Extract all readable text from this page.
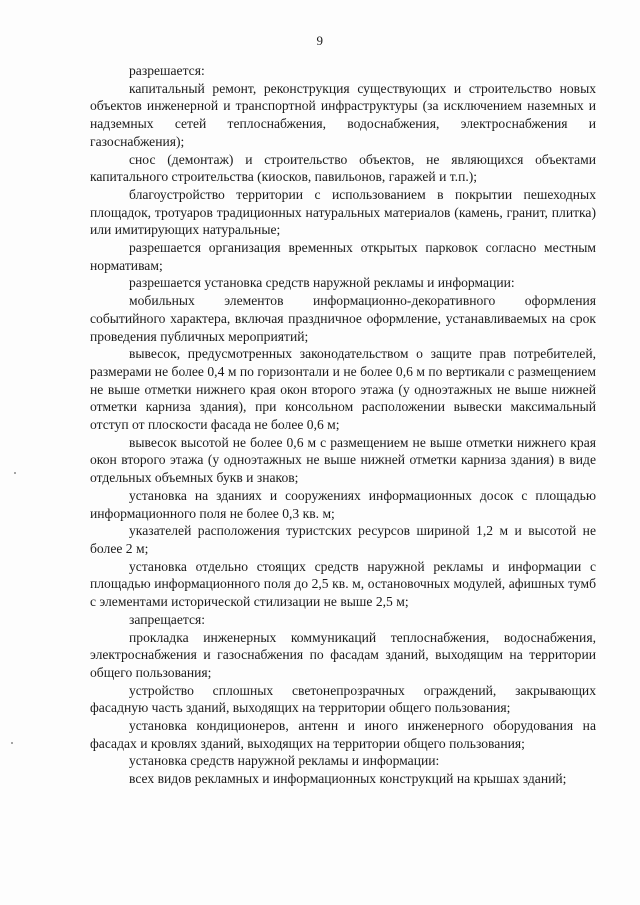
9

разрешается:

капитальный ремонт, реконструкция существующих и строительство новых объектов инженерной и транспортной инфраструктуры (за исключением наземных и надземных сетей теплоснабжения, водоснабжения, электроснабжения и газоснабжения);

снос (демонтаж) и строительство объектов, не являющихся объектами капитального строительства (киосков, павильонов, гаражей и т.п.);

благоустройство территории с использованием в покрытии пешеходных площадок, тротуаров традиционных натуральных материалов (камень, гранит, плитка) или имитирующих натуральные;

разрешается организация временных открытых парковок согласно местным нормативам;

разрешается установка средств наружной рекламы и информации:

мобильных элементов информационно-декоративного оформления событийного характера, включая праздничное оформление, устанавливаемых на срок проведения публичных мероприятий;

вывесок, предусмотренных законодательством о защите прав потребителей, размерами не более 0,4 м по горизонтали и не более 0,6 м по вертикали с размещением не выше отметки нижнего края окон второго этажа (у одноэтажных не выше нижней отметки карниза здания), при консольном расположении вывески максимальный отступ от плоскости фасада не более 0,6 м;

вывесок высотой не более 0,6 м с размещением не выше отметки нижнего края окон второго этажа (у одноэтажных не выше нижней отметки карниза здания) в виде отдельных объемных букв и знаков;

установка на зданиях и сооружениях информационных досок с площадью информационного поля не более 0,3 кв. м;

указателей расположения туристских ресурсов шириной 1,2 м и высотой не более 2 м;

установка отдельно стоящих средств наружной рекламы и информации с площадью информационного поля до 2,5 кв. м, остановочных модулей, афишных тумб с элементами исторической стилизации не выше 2,5 м;

запрещается:

прокладка инженерных коммуникаций теплоснабжения, водоснабжения, электроснабжения и газоснабжения по фасадам зданий, выходящим на территории общего пользования;

устройство сплошных светонепрозрачных ограждений, закрывающих фасадную часть зданий, выходящих на территории общего пользования;

установка кондиционеров, антенн и иного инженерного оборудования на фасадах и кровлях зданий, выходящих на территории общего пользования;

установка средств наружной рекламы и информации:

всех видов рекламных и информационных конструкций на крышах зданий;
